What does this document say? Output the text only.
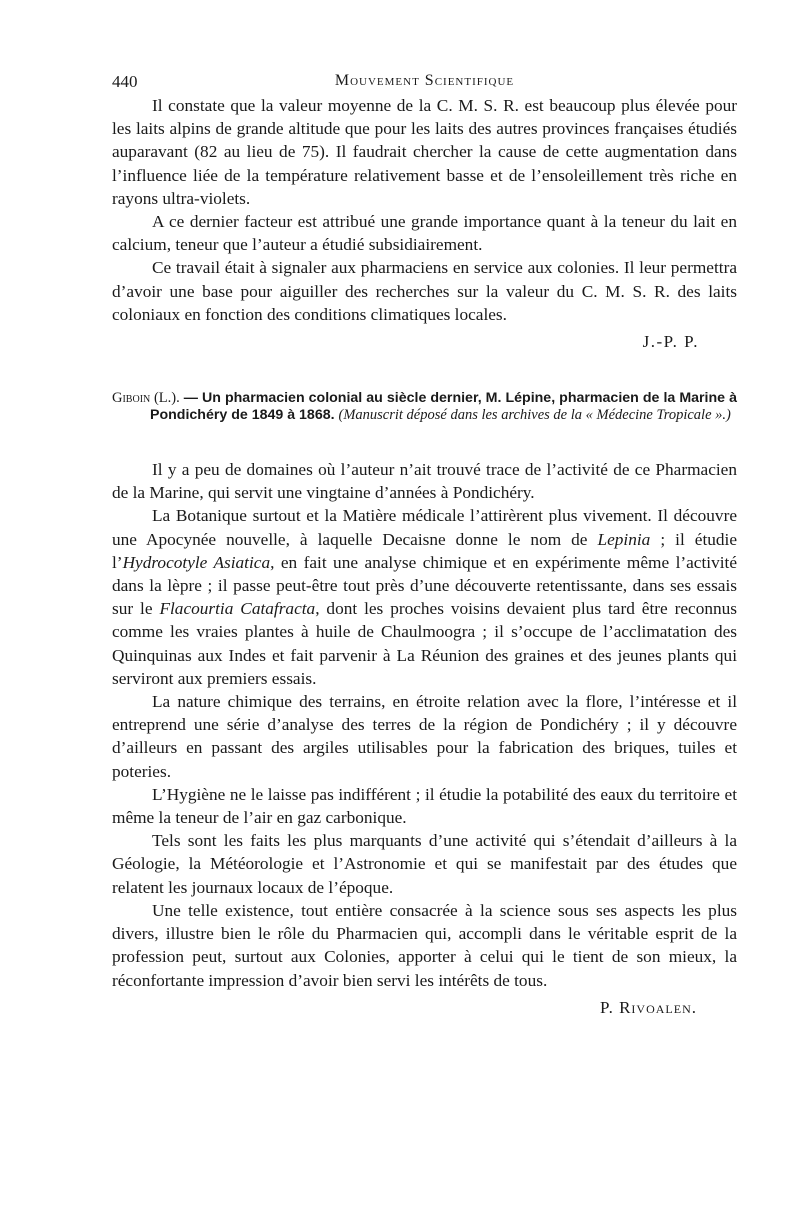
440	Mouvement Scientifique

Il constate que la valeur moyenne de la C. M. S. R. est beaucoup plus élevée pour les laits alpins de grande altitude que pour les laits des autres provinces françaises étudiés auparavant (82 au lieu de 75). Il faudrait chercher la cause de cette augmentation dans l’influence liée de la température relativement basse et de l’ensoleillement très riche en rayons ultra-violets.

A ce dernier facteur est attribué une grande importance quant à la teneur du lait en calcium, teneur que l’auteur a étudié subsidiairement.

Ce travail était à signaler aux pharmaciens en service aux colonies. Il leur permettra d’avoir une base pour aiguiller des recherches sur la valeur du C. M. S. R. des laits coloniaux en fonction des conditions climatiques locales.

J.-P. P.
Giboin (L.). — Un pharmacien colonial au siècle dernier, M. Lépine, pharmacien de la Marine à Pondichéry de 1849 à 1868. (Manuscrit déposé dans les archives de la « Médecine Tropicale ».)

Il y a peu de domaines où l’auteur n’ait trouvé trace de l’activité de ce Pharmacien de la Marine, qui servit une vingtaine d’années à Pondichéry.

La Botanique surtout et la Matière médicale l’attirèrent plus vivement. Il découvre une Apocynée nouvelle, à laquelle Decaisne donne le nom de Lepinia ; il étudie l’Hydrocotyle Asiatica, en fait une analyse chimique et en expérimente même l’activité dans la lèpre ; il passe peut-être tout près d’une découverte retentissante, dans ses essais sur le Flacourtia Catafracta, dont les proches voisins devaient plus tard être reconnus comme les vraies plantes à huile de Chaulmoogra ; il s’occupe de l’acclimatation des Quinquinas aux Indes et fait parvenir à La Réunion des graines et des jeunes plants qui serviront aux premiers essais.

La nature chimique des terrains, en étroite relation avec la flore, l’intéresse et il entreprend une série d’analyse des terres de la région de Pondichéry ; il y découvre d’ailleurs en passant des argiles utilisables pour la fabrication des briques, tuiles et poteries.

L’Hygiène ne le laisse pas indifférent ; il étudie la potabilité des eaux du territoire et même la teneur de l’air en gaz carbonique.

Tels sont les faits les plus marquants d’une activité qui s’étendait d’ailleurs à la Géologie, la Météorologie et l’Astronomie et qui se manifestait par des études que relatent les journaux locaux de l’époque.

Une telle existence, tout entière consacrée à la science sous ses aspects les plus divers, illustre bien le rôle du Pharmacien qui, accompli dans le véritable esprit de la profession peut, surtout aux Colonies, apporter à celui qui le tient de son mieux, la réconfortante impression d’avoir bien servi les intérêts de tous.

P. Rivoalen.
